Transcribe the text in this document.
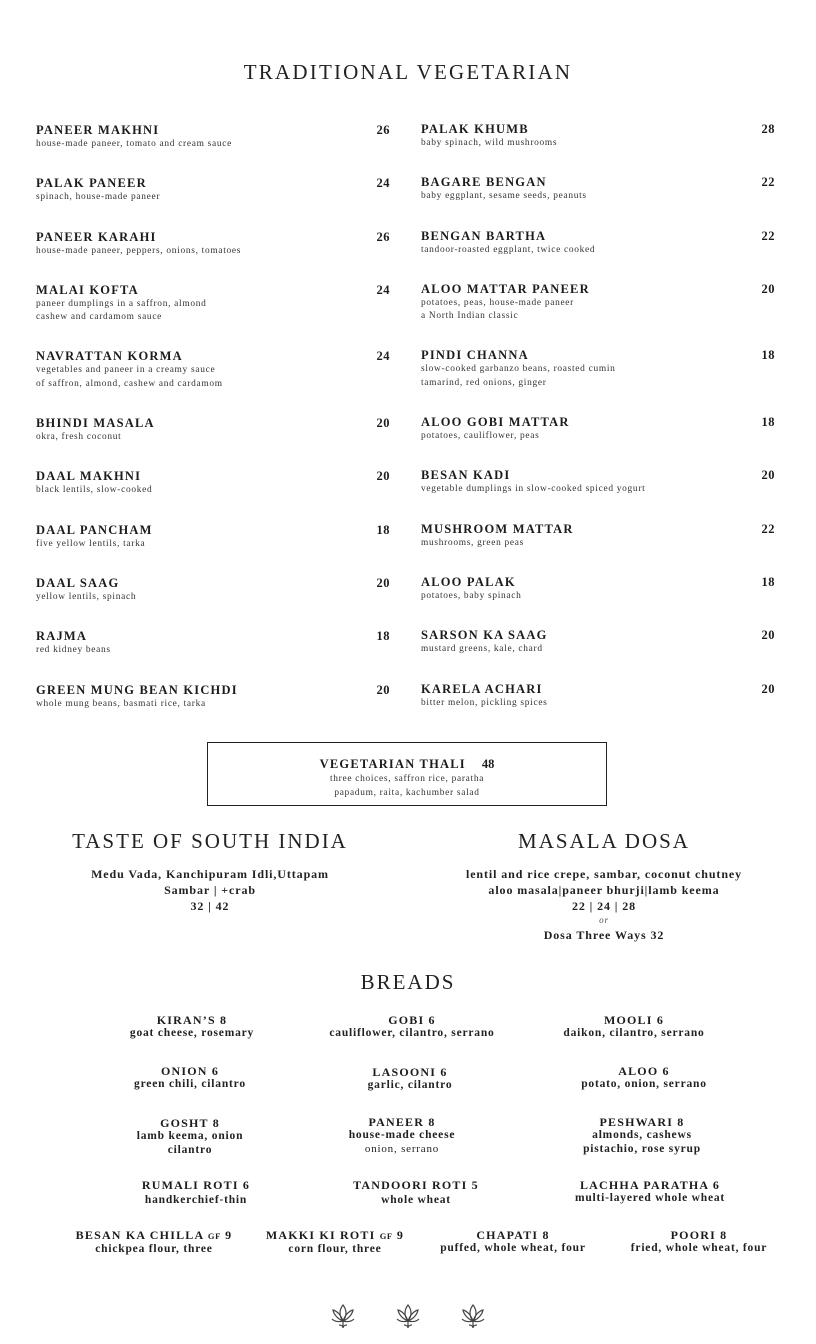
TRADITIONAL VEGETARIAN
PANEER MAKHNI	26
house-made paneer, tomato and cream sauce
PALAK PANEER	24
spinach, house-made paneer
PANEER KARAHI	26
house-made paneer, peppers, onions, tomatoes
MALAI KOFTA	24
paneer dumplings in a saffron, almond
cashew and cardamom sauce
NAVRATTAN KORMA	24
vegetables and paneer in a creamy sauce
of saffron, almond, cashew and cardamom
BHINDI MASALA	20
okra, fresh coconut
DAAL MAKHNI	20
black lentils, slow-cooked
DAAL PANCHAM	18
five yellow lentils, tarka
DAAL SAAG	20
yellow lentils, spinach
RAJMA	18
red kidney beans
GREEN MUNG BEAN KICHDI	20
whole mung beans, basmati rice, tarka
PALAK KHUMB	28
baby spinach, wild mushrooms
BAGARE BENGAN	22
baby eggplant, sesame seeds, peanuts
BENGAN BARTHA	22
tandoor-roasted eggplant, twice cooked
ALOO MATTAR PANEER	20
potatoes, peas, house-made paneer
a North Indian classic
PINDI CHANNA	18
slow-cooked garbanzo beans, roasted cumin
tamarind, red onions, ginger
ALOO GOBI MATTAR	18
potatoes, cauliflower, peas
BESAN KADI	20
vegetable dumplings in slow-cooked spiced yogurt
MUSHROOM MATTAR	22
mushrooms, green peas
ALOO PALAK	18
potatoes, baby spinach
SARSON KA SAAG	20
mustard greens, kale, chard
KARELA ACHARI	20
bitter melon, pickling spices
VEGETARIAN THALI 48
three choices, saffron rice, paratha
papadum, raita, kachumber salad
TASTE OF SOUTH INDIA
Medu Vada, Kanchipuram Idli,Uttapam
Sambar | +crab
32 | 42
MASALA DOSA
lentil and rice crepe, sambar, coconut chutney
aloo masala|paneer bhurji|lamb keema
22 | 24 | 28
or
Dosa Three Ways 32
BREADS
KIRAN’S 8
goat cheese, rosemary
GOBI 6
cauliflower, cilantro, serrano
MOOLI 6
daikon, cilantro, serrano
ONION 6
green chili, cilantro
LASOONI 6
garlic, cilantro
ALOO 6
potato, onion, serrano
GOSHT 8
lamb keema, onion
cilantro
PANEER 8
house-made cheese
onion, serrano
PESHWARI 8
almonds, cashews
pistachio, rose syrup
RUMALI ROTI 6
handkerchief-thin
TANDOORI ROTI 5
whole wheat
LACHHA PARATHA 6
multi-layered whole wheat
BESAN KA CHILLA GF 9
chickpea flour, three
MAKKI KI ROTI GF 9
corn flour, three
CHAPATI 8
puffed, whole wheat, four
POORI 8
fried, whole wheat, four
